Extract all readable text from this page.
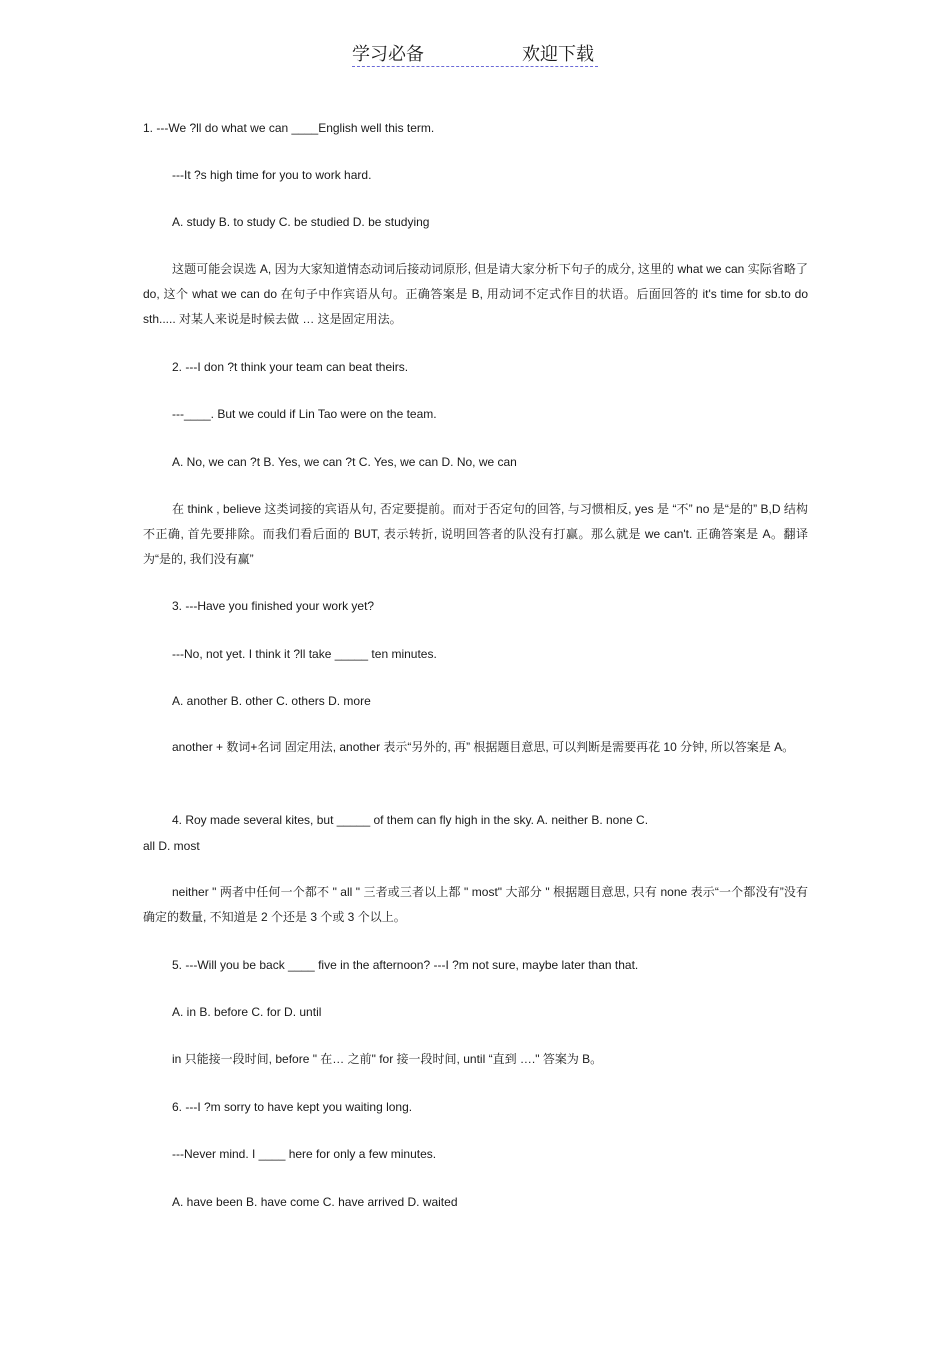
学习必备	欢迎下载
1. ---We ?ll do what we can ____English well this term.
---It ?s high time for you to work hard.
A. study B. to study C. be studied D. be studying
这题可能会误选 A, 因为大家知道情态动词后接动词原形, 但是请大家分析下句子的成分, 这里的 what we can 实际省略了 do, 这个 what we can do 在句子中作宾语从句。正确答案是 B, 用动词不定式作目的状语。后面回答的 it's time for sb.to do sth..... 对某人来说是时候去做 … 这是固定用法。
2. ---I don ?t think your team can beat theirs.
---____. But we could if Lin Tao were on the team.
A. No, we can ?t B. Yes, we can ?t C. Yes, we can D. No, we can
在 think , believe 这类词接的宾语从句, 否定要提前。而对于否定句的回答, 与习惯相反, yes 是 “不” no 是“是的” B,D 结构不正确, 首先要排除。而我们看后面的 BUT, 表示转折, 说明回答者的队没有打赢。那么就是 we can't. 正确答案是 A。翻译为“是的, 我们没有赢”
3. ---Have you finished your work yet?
---No, not yet. I think it ?ll take _____ ten minutes.
A. another B. other C. others D. more
another + 数词+名词 固定用法, another 表示“另外的, 再” 根据题目意思, 可以判断是需要再花 10 分钟, 所以答案是 A。
4. Roy made several kites, but _____ of them can fly high in the sky. A. neither B. none C.
all D. most
neither " 两者中任何一个都不 " all " 三者或三者以上都 " most" 大部分 " 根据题目意思, 只有 none 表示“一个都没有”没有确定的数量, 不知道是 2 个还是 3 个或 3 个以上。
5. ---Will you be back ____ five in the afternoon? ---I ?m not sure, maybe later than that.
A. in B. before C. for D. until
in 只能接一段时间, before " 在… 之前" for 接一段时间, until “直到 …." 答案为 B。
6. ---I ?m sorry to have kept you waiting long.
---Never mind. I ____ here for only a few minutes.
A. have been B. have come C. have arrived D. waited
